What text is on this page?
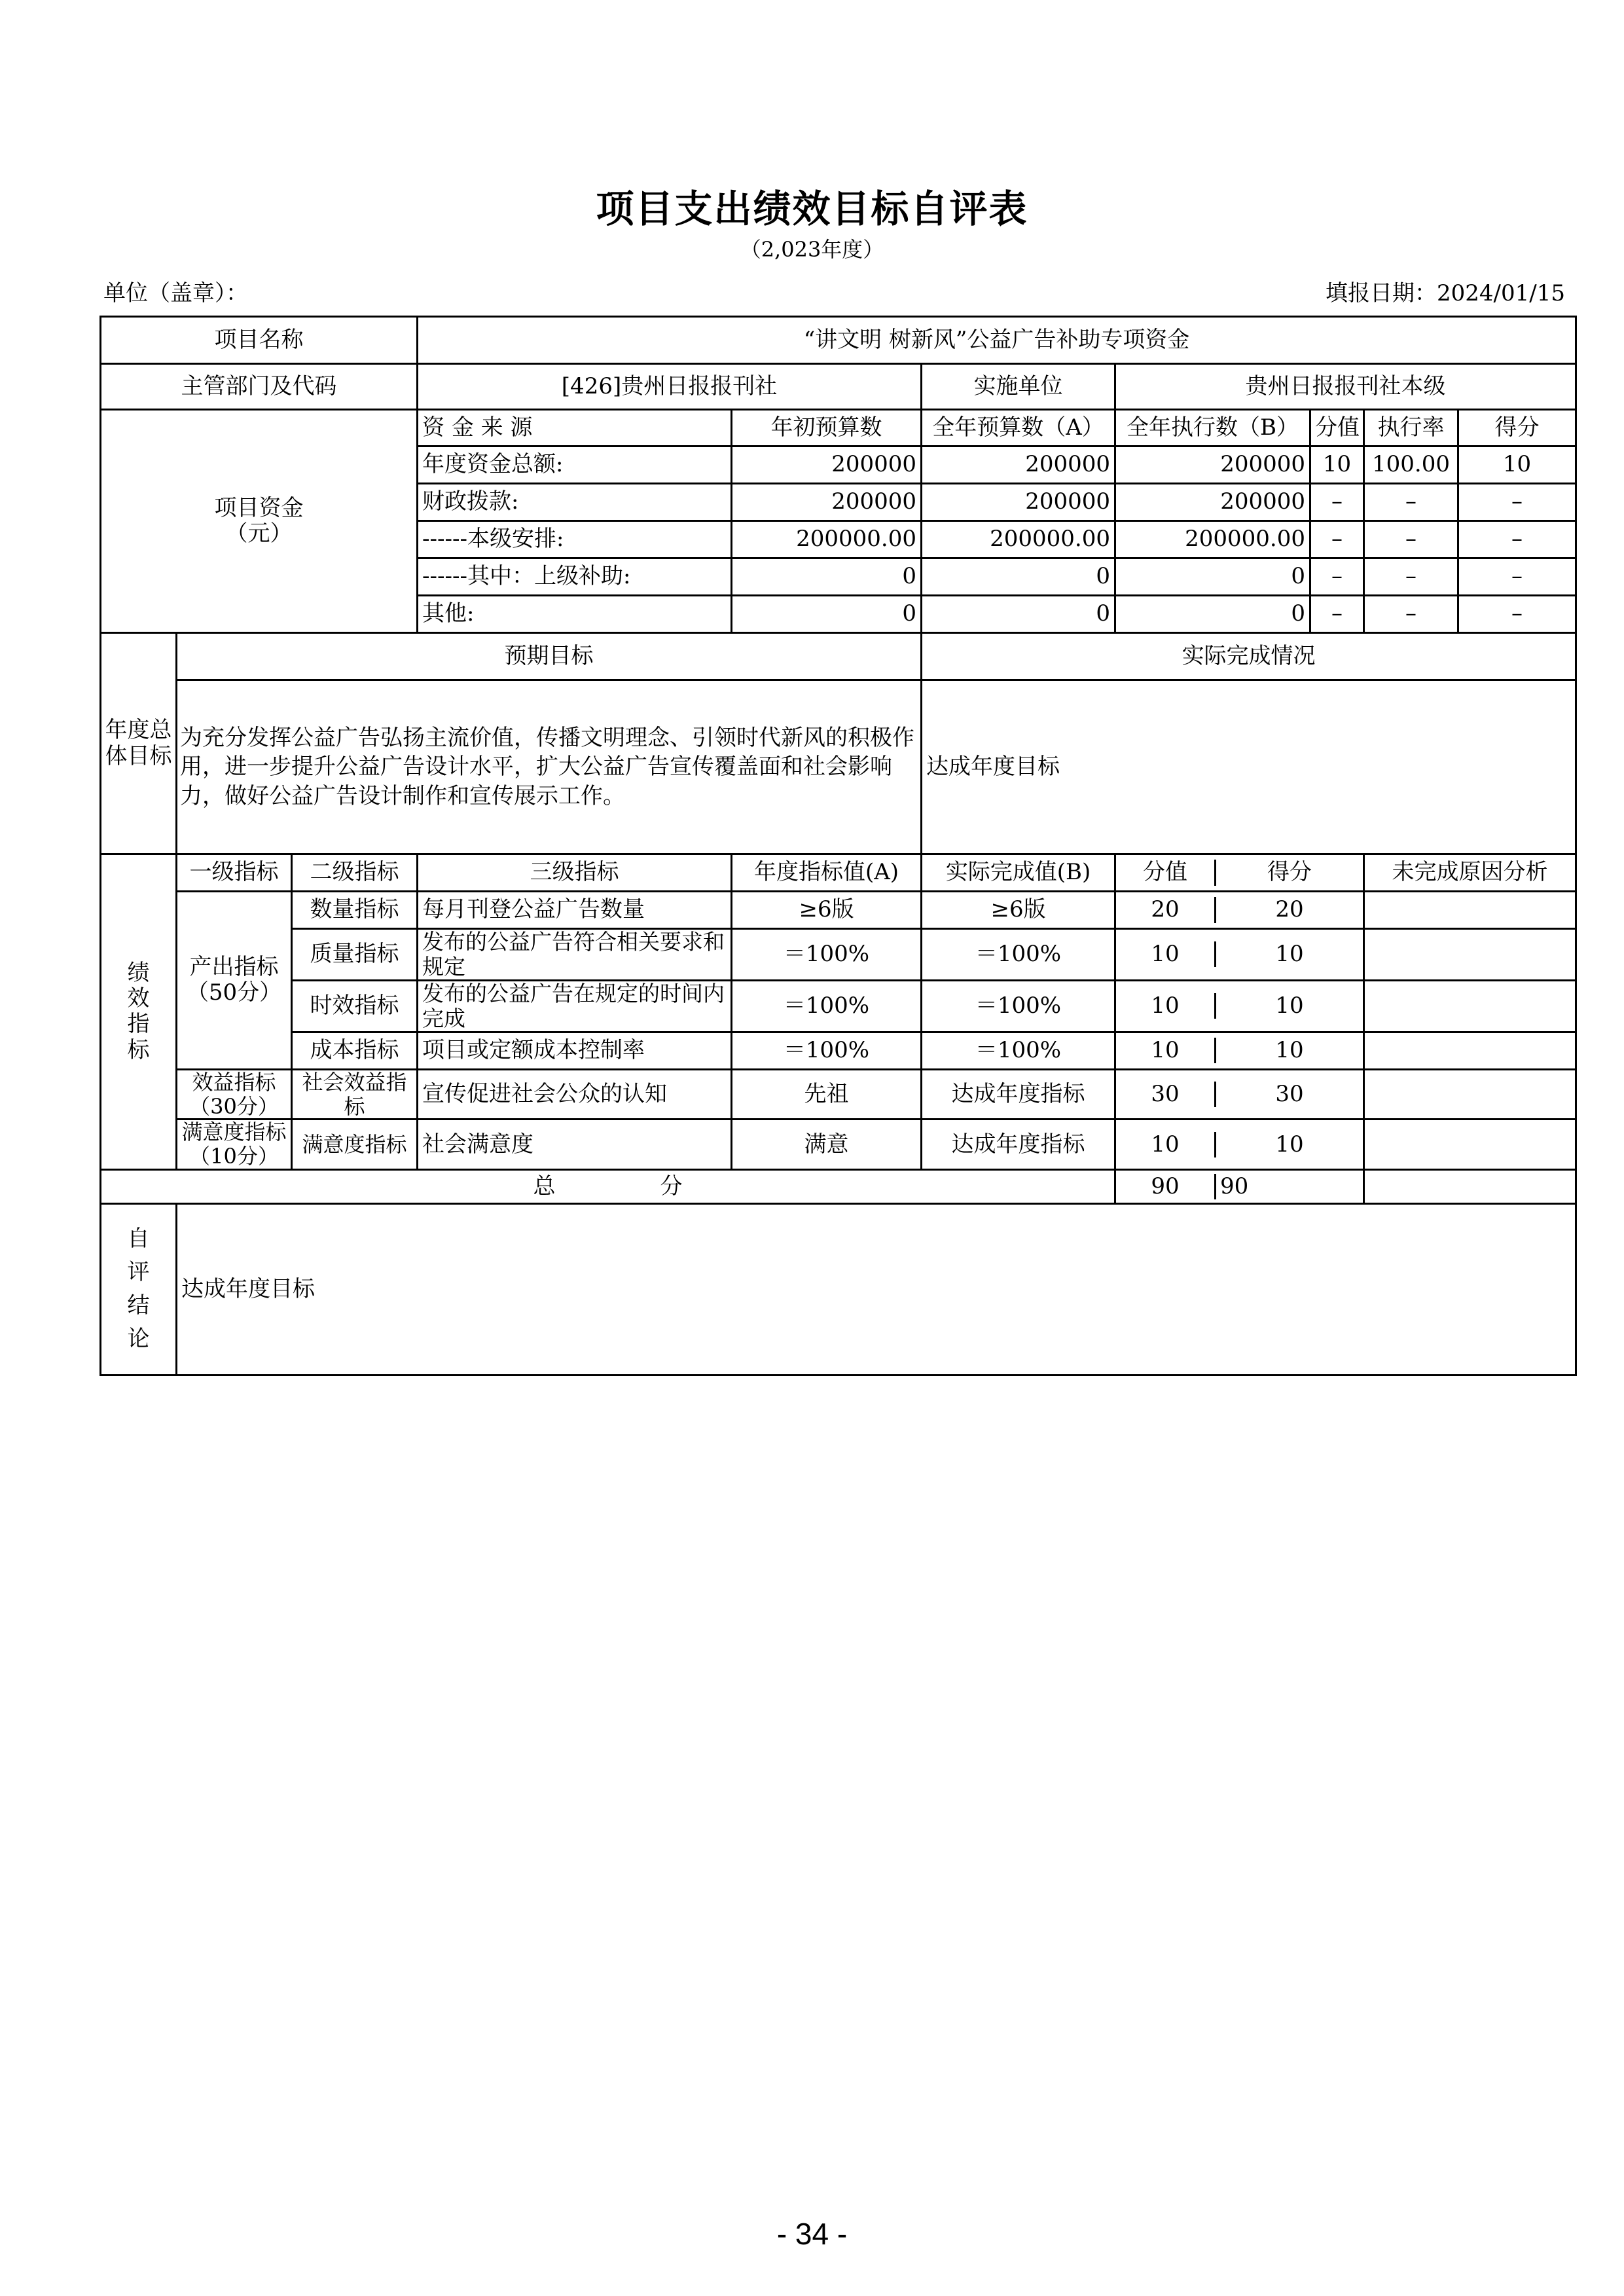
项目支出绩效目标自评表
（2,023年度）
单位（盖章）：	填报日期：2024/01/15
项目名称			“讲文明 树新风”公益广告补助专项资金						
主管部门及代码			[426]贵州日报报刊社		实施单位	贵州日报报刊社本级			
项目资金
（元）			资 金 来 源	年初预算数	全年预算数（A）	全年执行数（B）	分值	执行率	得分
			年度资金总额:	200000	200000	200000	10	100.00	10
			财政拨款:	200000	200000	200000	–	–	–
			------本级安排:	200000.00	200000.00	200000.00	–	–	–
			------其中：上级补助:	0	0	0	–	–	–
			其他:	0	0	0	–	–	–
年度总体目标	预期目标				实际完成情况				
	为充分发挥公益广告弘扬主流价值，传播文明理念、引领时代新风的积极作用，进一步提升公益广告设计水平，扩大公益广告宣传覆盖面和社会影响力，做好公益广告设计制作和宣传展示工作。				达成年度目标				
绩效指标	一级指标	二级指标	三级指标	年度指标值(A)	实际完成值(B)	分值 得分		未完成原因分析	
	产出指标（50分）	数量指标	每月刊登公益广告数量	≥6版	≥6版	20 20			

		质量指标	发布的公益广告符合相关要求和规定	＝100%	＝100%	10 10			

		时效指标	发布的公益广告在规定的时间内完成	＝100%	＝100%	10 10			

		成本指标	项目或定额成本控制率	＝100%	＝100%	10 10			

	效益指标（30分）	社会效益指标	宣传促进社会公众的认知	先祖	达成年度指标	30 30			

	满意度指标（10分）	满意度指标	社会满意度	满意	达成年度指标	10 10			

总 分						90 90			

自评结论	达成年度目标								
- 34 -
